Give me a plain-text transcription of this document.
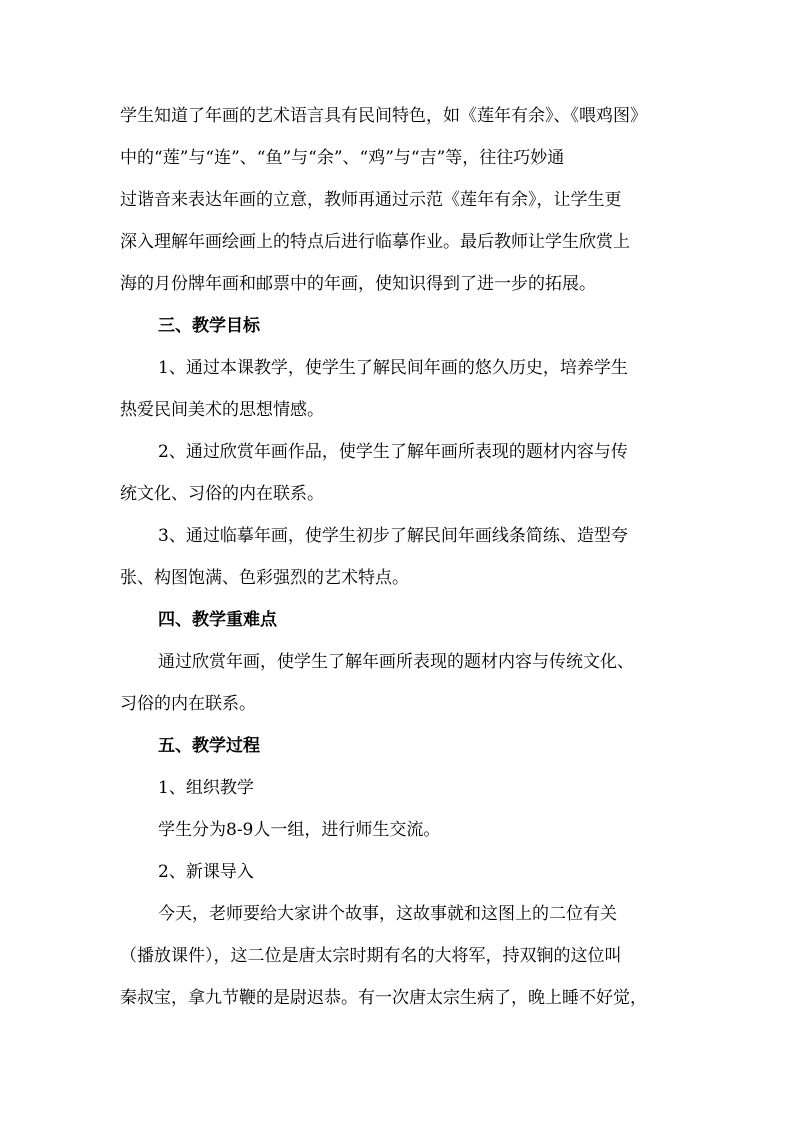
学生知道了年画的艺术语言具有民间特色，如《莲年有余》、《喂鸡图》
中的“莲”与“连”、“鱼”与“余”、“鸡”与“吉”等，往往巧妙通
过谐音来表达年画的立意，教师再通过示范《莲年有余》，让学生更
深入理解年画绘画上的特点后进行临摹作业。最后教师让学生欣赏上
海的月份牌年画和邮票中的年画，使知识得到了进一步的拓展。
三、教学目标
1、通过本课教学，使学生了解民间年画的悠久历史，培养学生
热爱民间美术的思想情感。
2、通过欣赏年画作品，使学生了解年画所表现的题材内容与传
统文化、习俗的内在联系。
3、通过临摹年画，使学生初步了解民间年画线条简练、造型夸
张、构图饱满、色彩强烈的艺术特点。
四、教学重难点
通过欣赏年画，使学生了解年画所表现的题材内容与传统文化、
习俗的内在联系。
五、教学过程
1、组织教学
学生分为8-9人一组，进行师生交流。
2、新课导入
今天，老师要给大家讲个故事，这故事就和这图上的二位有关
（播放课件），这二位是唐太宗时期有名的大将军，持双锏的这位叫
秦叔宝，拿九节鞭的是尉迟恭。有一次唐太宗生病了，晚上睡不好觉，
